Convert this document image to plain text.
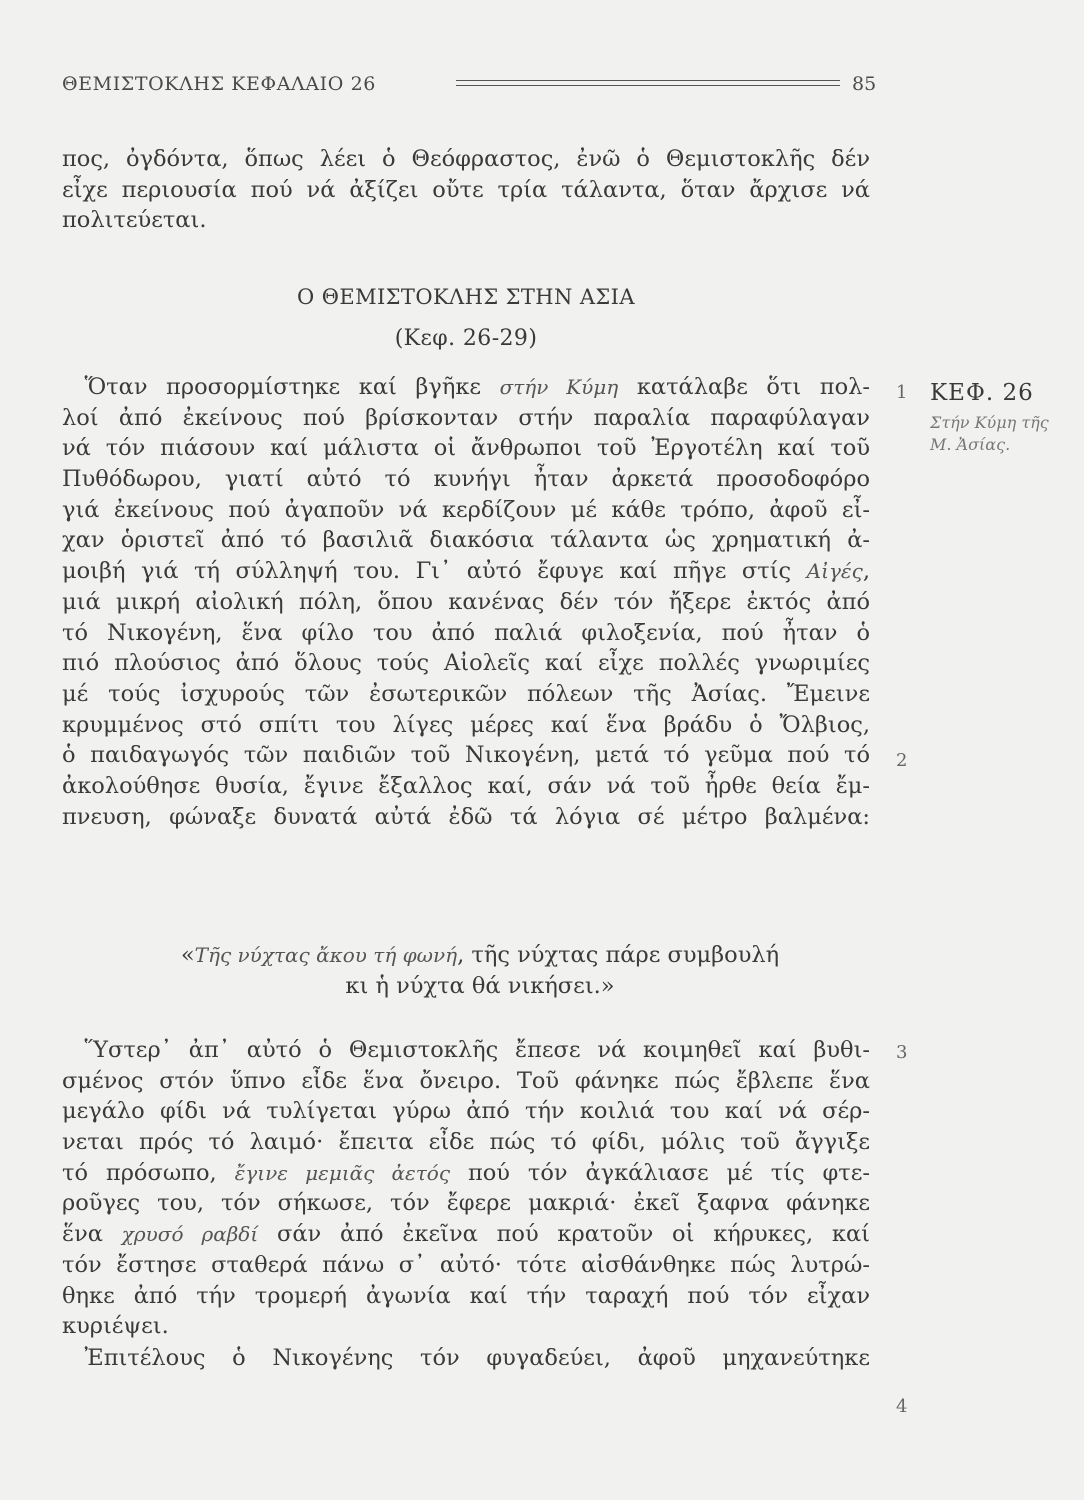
ΘΕΜΙΣΤΟΚΛΗΣ ΚΕΦΑΛΑΙΟ 26	85
πος, ὀγδόντα, ὅπως λέει ὁ Θεόφραστος, ἐνῶ ὁ Θεμιστοκλῆς δέν
εἶχε περιουσία πού νά ἀξίζει οὔτε τρία τάλαντα, ὅταν ἄρχισε νά
πολιτεύεται.
Ο ΘΕΜΙΣΤΟΚΛΗΣ ΣΤΗΝ ΑΣΙΑ
(Κεφ. 26-29)
 Ὅταν προσορμίστηκε καί βγῆκε στήν Κύμη κατάλαβε ὅτι πολ-
λοί ἀπό ἐκείνους πού βρίσκονταν στήν παραλία παραφύλαγαν
νά τόν πιάσουν καί μάλιστα οἱ ἄνθρωποι τοῦ Ἐργοτέλη καί τοῦ
Πυθόδωρου, γιατί αὐτό τό κυνήγι ἦταν ἀρκετά προσοδοφόρο
γιά ἐκείνους πού ἀγαποῦν νά κερδίζουν μέ κάθε τρόπο, ἀφοῦ εἶ-
χαν ὁριστεῖ ἀπό τό βασιλιᾶ διακόσια τάλαντα ὡς χρηματική ἀ-
μοιβή γιά τή σύλληψή του. Γι᾽ αὐτό ἔφυγε καί πῆγε στίς Αἰγές,
μιά μικρή αἰολική πόλη, ὅπου κανένας δέν τόν ἤξερε ἐκτός ἀπό
τό Νικογένη, ἕνα φίλο του ἀπό παλιά φιλοξενία, πού ἦταν ὁ
πιό πλούσιος ἀπό ὅλους τούς Αἰολεῖς καί εἶχε πολλές γνωριμίες
μέ τούς ἰσχυρούς τῶν ἐσωτερικῶν πόλεων τῆς Ἀσίας. Ἔμεινε
κρυμμένος στό σπίτι του λίγες μέρες καί ἕνα βράδυ ὁ Ὄλβιος,
ὁ παιδαγωγός τῶν παιδιῶν τοῦ Νικογένη, μετά τό γεῦμα πού τό
ἀκολούθησε θυσία, ἔγινε ἔξαλλος καί, σάν νά τοῦ ἦρθε θεία ἔμ-
πνευση, φώναξε δυνατά αὐτά ἐδῶ τά λόγια σέ μέτρο βαλμένα:
«Τῆς νύχτας ἄκου τή φωνή, τῆς νύχτας πάρε συμβουλή
κι ἡ νύχτα θά νικήσει.»
 Ὕστερ᾽ ἀπ᾽ αὐτό ὁ Θεμιστοκλῆς ἔπεσε νά κοιμηθεῖ καί βυθι-
σμένος στόν ὕπνο εἶδε ἕνα ὄνειρο. Τοῦ φάνηκε πώς ἔβλεπε ἕνα
μεγάλο φίδι νά τυλίγεται γύρω ἀπό τήν κοιλιά του καί νά σέρ-
νεται πρός τό λαιμό· ἔπειτα εἶδε πώς τό φίδι, μόλις τοῦ ἄγγιξε
τό πρόσωπο, ἔγινε μεμιᾶς ἀετός πού τόν ἀγκάλιασε μέ τίς φτε-
ροῦγες του, τόν σήκωσε, τόν ἔφερε μακριά· ἐκεῖ ξαφνα φάνηκε
ἕνα χρυσό ραβδί σάν ἀπό ἐκεῖνα πού κρατοῦν οἱ κήρυκες, καί
τόν ἔστησε σταθερά πάνω σ᾽ αὐτό· τότε αἰσθάνθηκε πώς λυτρώ-
θηκε ἀπό τήν τρομερή ἀγωνία καί τήν ταραχή πού τόν εἶχαν
κυριέψει.
 Ἐπιτέλους ὁ Νικογένης τόν φυγαδεύει, ἀφοῦ μηχανεύτηκε
1
2
3
4
ΚΕΦ. 26
Στήν Κύμη τῆς
Μ. Ἀσίας.
